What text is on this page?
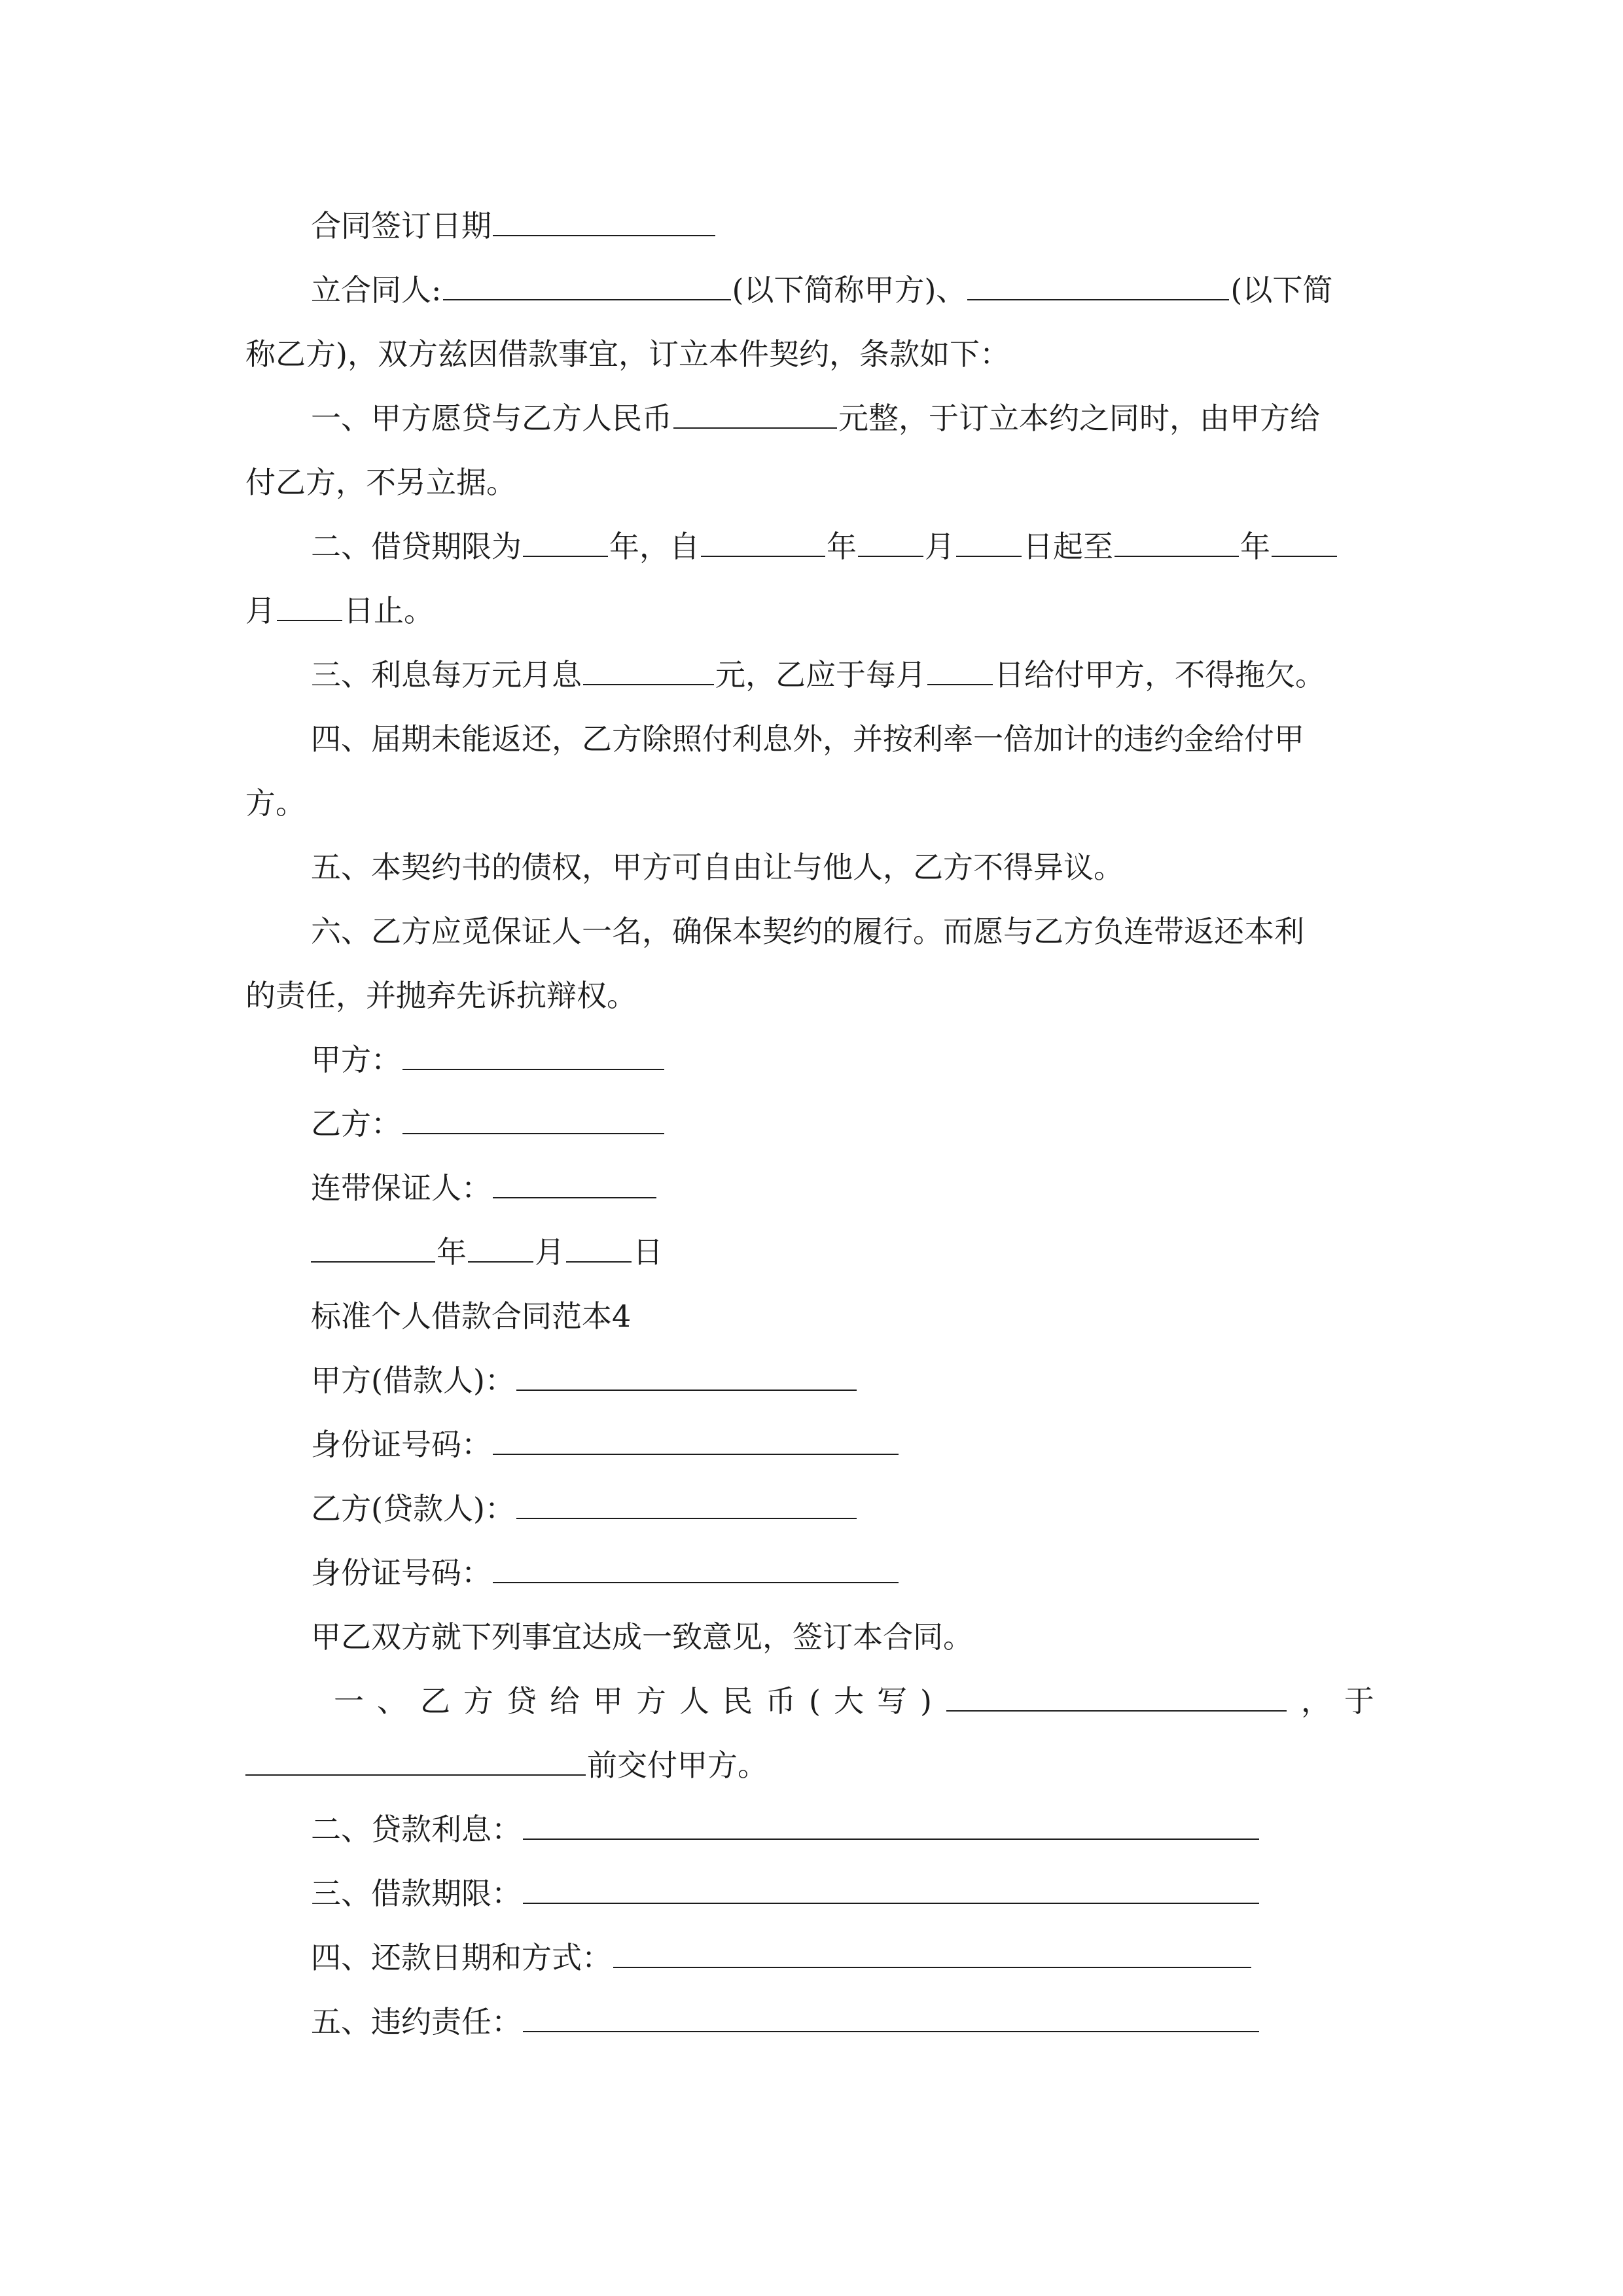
合同签订日期
立合同人:	(以下简称甲方)、	(以下简
称乙方)，双方兹因借款事宜，订立本件契约，条款如下：
一、甲方愿贷与乙方人民币	元整，于订立本约之同时，由甲方给
付乙方，不另立据。
二、借贷期限为	年，自	年 月 日起至	年
月 日止。
三、利息每万元月息	元，乙应于每月 日给付甲方，不得拖欠。
四、届期未能返还，乙方除照付利息外，并按利率一倍加计的违约金给付甲
方。
五、本契约书的债权，甲方可自由让与他人，乙方不得异议。
六、乙方应觅保证人一名，确保本契约的履行。而愿与乙方负连带返还本利
的责任，并抛弃先诉抗辩权。
甲方：
乙方：
连带保证人：
年 月 日
标准个人借款合同范本4
甲方(借款人)：
身份证号码：
乙方(贷款人)：
身份证号码：
甲乙双方就下列事宜达成一致意见，签订本合同。
一、乙方贷给甲方人民币(大写)	，于
前交付甲方。
二、贷款利息：
三、借款期限：
四、还款日期和方式：
五、违约责任：
